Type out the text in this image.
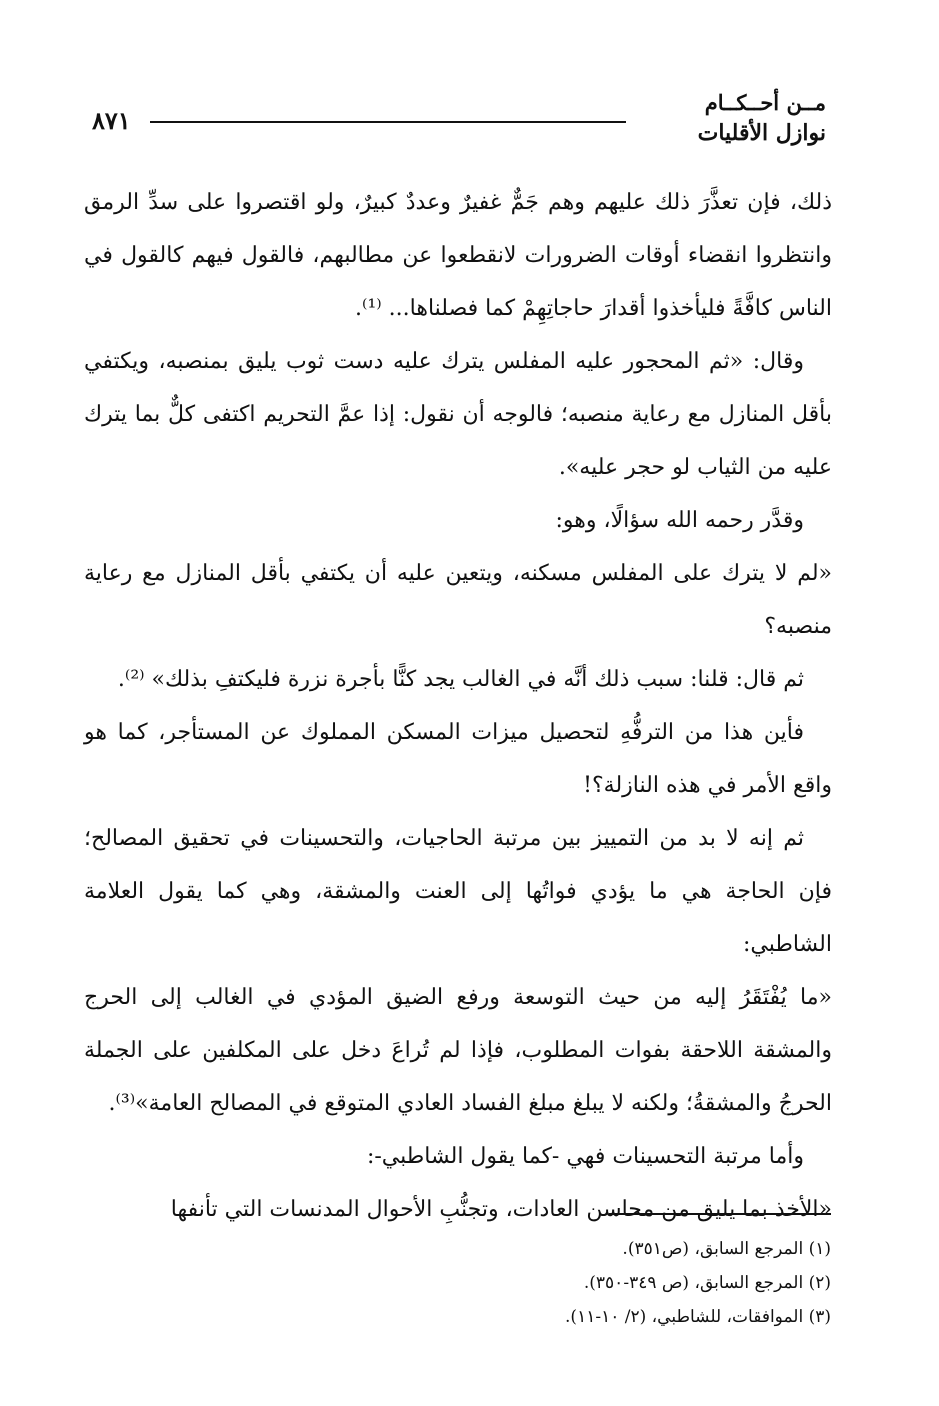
مــن أحــكــام
نوازل الأقليات
٨٧١

ذلك، فإن تعذَّرَ ذلك عليهم وهم جَمٌّ غفيرٌ وعددٌ كبيرٌ، ولو اقتصروا على سدِّ الرمق وانتظروا انقضاء أوقات الضرورات لانقطعوا عن مطالبهم، فالقول فيهم كالقول في الناس كافَّةً فليأخذوا أقدارَ حاجاتِهِمْ كما فصلناها... ⁽¹⁾.

وقال: «ثم المحجور عليه المفلس يترك عليه دست ثوب يليق بمنصبه، ويكتفي بأقل المنازل مع رعاية منصبه؛ فالوجه أن نقول: إذا عمَّ التحريم اكتفى كلٌّ بما يترك عليه من الثياب لو حجر عليه».

وقدَّر رحمه الله سؤالًا، وهو:

«لم لا يترك على المفلس مسكنه، ويتعين عليه أن يكتفي بأقل المنازل مع رعاية منصبه؟

ثم قال: قلنا: سبب ذلك أنَّه في الغالب يجد كنًّا بأجرة نزرة فليكتفِ بذلك» ⁽²⁾.

فأين هذا من الترفُّهِ لتحصيل ميزات المسكن المملوك عن المستأجر، كما هو واقع الأمر في هذه النازلة؟!

ثم إنه لا بد من التمييز بين مرتبة الحاجيات، والتحسينات في تحقيق المصالح؛ فإن الحاجة هي ما يؤدي فواتُها إلى العنت والمشقة، وهي كما يقول العلامة الشاطبي:

«ما يُفْتَقَرُ إليه من حيث التوسعة ورفع الضيق المؤدي في الغالب إلى الحرج والمشقة اللاحقة بفوات المطلوب، فإذا لم تُراعَ دخل على المكلفين على الجملة الحرجُ والمشقةُ؛ ولكنه لا يبلغ مبلغ الفساد العادي المتوقع في المصالح العامة»⁽³⁾.

وأما مرتبة التحسينات فهي -كما يقول الشاطبي-:

«الأخذ بما يليق من محاسن العادات، وتجنُّبِ الأحوال المدنسات التي تأنفها

(١) المرجع السابق، (ص٣٥١).

(٢) المرجع السابق، (ص ٣٤٩-٣٥٠).

(٣) الموافقات، للشاطبي، (٢/ ١٠-١١).
